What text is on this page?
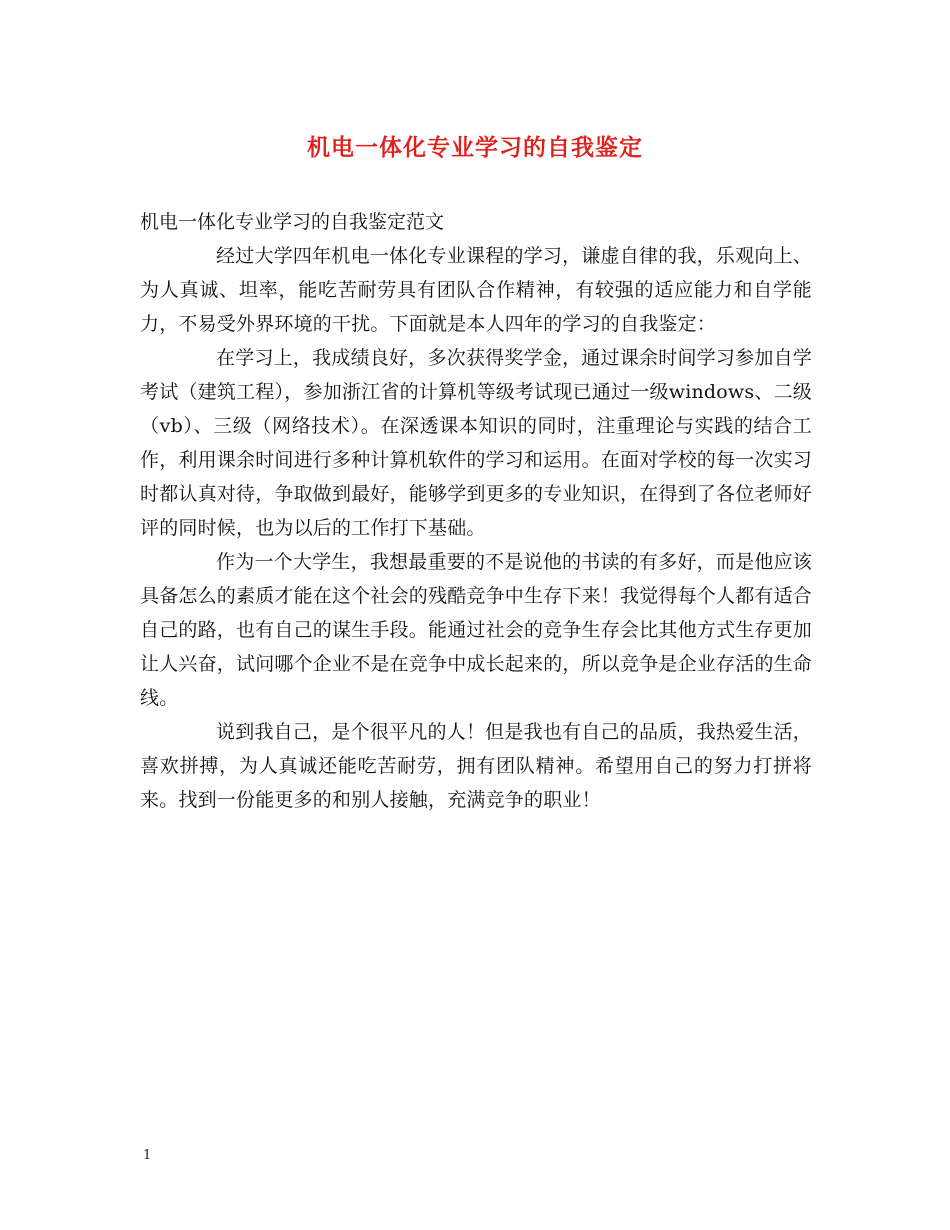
机电一体化专业学习的自我鉴定

机电一体化专业学习的自我鉴定范文

经过大学四年机电一体化专业课程的学习，谦虚自律的我，乐观向上、为人真诚、坦率，能吃苦耐劳具有团队合作精神，有较强的适应能力和自学能力，不易受外界环境的干扰。下面就是本人四年的学习的自我鉴定：

在学习上，我成绩良好，多次获得奖学金，通过课余时间学习参加自学考试（建筑工程），参加浙江省的计算机等级考试现已通过一级windows、二级（vb）、三级（网络技术）。在深透课本知识的同时，注重理论与实践的结合工作，利用课余时间进行多种计算机软件的学习和运用。在面对学校的每一次实习时都认真对待，争取做到最好，能够学到更多的专业知识，在得到了各位老师好评的同时候，也为以后的工作打下基础。

作为一个大学生，我想最重要的不是说他的书读的有多好，而是他应该具备怎么的素质才能在这个社会的残酷竞争中生存下来！我觉得每个人都有适合自己的路，也有自己的谋生手段。能通过社会的竞争生存会比其他方式生存更加让人兴奋，试问哪个企业不是在竞争中成长起来的，所以竞争是企业存活的生命线。

说到我自己，是个很平凡的人！但是我也有自己的品质，我热爱生活，喜欢拼搏，为人真诚还能吃苦耐劳，拥有团队精神。希望用自己的努力打拼将来。找到一份能更多的和别人接触，充满竞争的职业！

1
